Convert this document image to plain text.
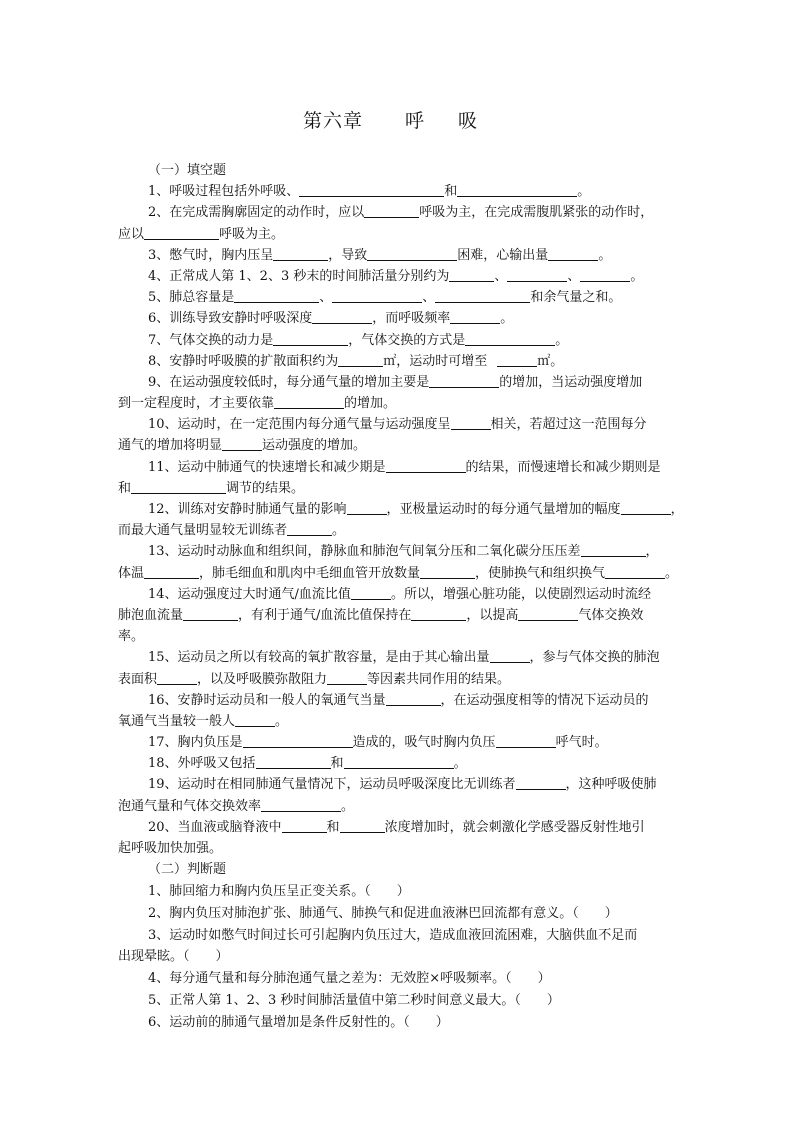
第六章 呼 吸
（一）填空题
1、呼吸过程包括外呼吸、	和	。
2、在完成需胸廓固定的动作时，应以	呼吸为主，在完成需腹肌紧张的动作时，
应以	呼吸为主。
3、憋气时，胸内压呈	，导致	困难，心输出量	。
4、正常成人第 1、2、3 秒末的时间肺活量分别约为	、	、	。
5、肺总容量是	、	、	和余气量之和。
6、训练导致安静时呼吸深度	，而呼吸频率	。
7、气体交换的动力是	，气体交换的方式是	。
8、安静时呼吸膜的扩散面积约为	㎡，运动时可增至	㎡。
9、在运动强度较低时，每分通气量的增加主要是	的增加，当运动强度增加
到一定程度时，才主要依靠	的增加。
10、运动时，在一定范围内每分通气量与运动强度呈	相关，若超过这一范围每分
通气的增加将明显	运动强度的增加。
11、运动中肺通气的快速增长和减少期是	的结果，而慢速增长和减少期则是
和	调节的结果。
12、训练对安静时肺通气量的影响	，亚极量运动时的每分通气量增加的幅度	，
而最大通气量明显较无训练者	。
13、运动时动脉血和组织间，静脉血和肺泡气间氧分压和二氧化碳分压压差	，
体温	，肺毛细血和肌肉中毛细血管开放数量	，使肺换气和组织换气	。
14、运动强度过大时通气/血流比值	。所以，增强心脏功能，以使剧烈运动时流经
肺泡血流量	，有利于通气/血流比值保持在	，以提高	气体交换效
率。
15、运动员之所以有较高的氧扩散容量，是由于其心输出量	，参与气体交换的肺泡
表面积	，以及呼吸膜弥散阻力	等因素共同作用的结果。
16、安静时运动员和一般人的氧通气当量	，在运动强度相等的情况下运动员的
氧通气当量较一般人	。
17、胸内负压是	造成的，吸气时胸内负压	呼气时。
18、外呼吸又包括	和	。
19、运动时在相同肺通气量情况下，运动员呼吸深度比无训练者	，这种呼吸使肺
泡通气量和气体交换效率	。
20、当血液或脑脊液中	和	浓度增加时，就会刺激化学感受器反射性地引
起呼吸加快加强。
（二）判断题
1、肺回缩力和胸内负压呈正变关系。（　　）
2、胸内负压对肺泡扩张、肺通气、肺换气和促进血液淋巴回流都有意义。（　　）
3、运动时如憋气时间过长可引起胸内负压过大，造成血液回流困难，大脑供血不足而
出现晕眩。（　　）
4、每分通气量和每分肺泡通气量之差为：无效腔×呼吸频率。（　　）
5、正常人第 1、2、3 秒时间肺活量值中第二秒时间意义最大。（　　）
6、运动前的肺通气量增加是条件反射性的。（　　）
